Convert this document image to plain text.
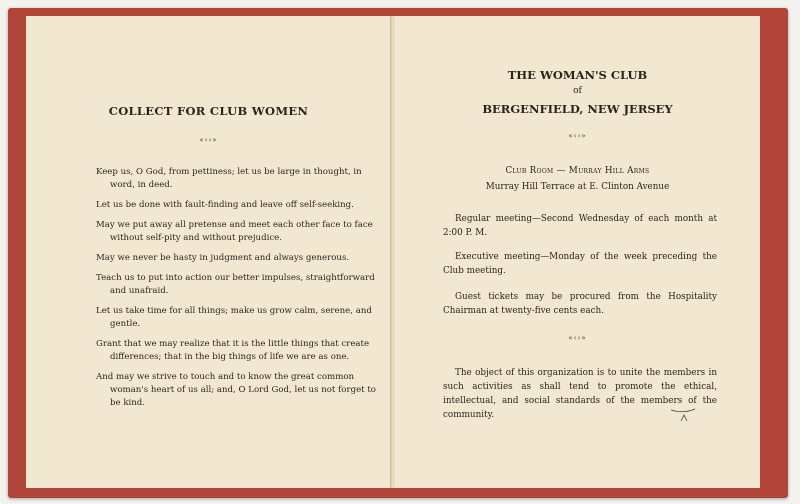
COLLECT FOR CLUB WOMEN
«‹›»
Keep us, O God, from pettiness; let us be large in thought, in word, in deed.
Let us be done with fault-finding and leave off self-seeking.
May we put away all pretense and meet each other face to face without self-pity and without prejudice.
May we never be hasty in judgment and always generous.
Teach us to put into action our better impulses, straightforward and unafraid.
Let us take time for all things; make us grow calm, serene, and gentle.
Grant that we may realize that it is the little things that create differences; that in the big things of life we are as one.
And may we strive to touch and to know the great common woman's heart of us all; and, O Lord God, let us not forget to be kind.
THE WOMAN'S CLUB
of
BERGENFIELD, NEW JERSEY
«‹›»
Club Room — Murray Hill Arms
Murray Hill Terrace at E. Clinton Avenue

Regular meeting—Second Wednesday of each month at 2:00 P. M.

Executive meeting—Monday of the week preceding the Club meeting.

Guest tickets may be procured from the Hospitality Chairman at twenty-five cents each.

«‹›»

The object of this organization is to unite the members in such activities as shall tend to promote the ethical, intellectual, and social standards of the members of the community.
